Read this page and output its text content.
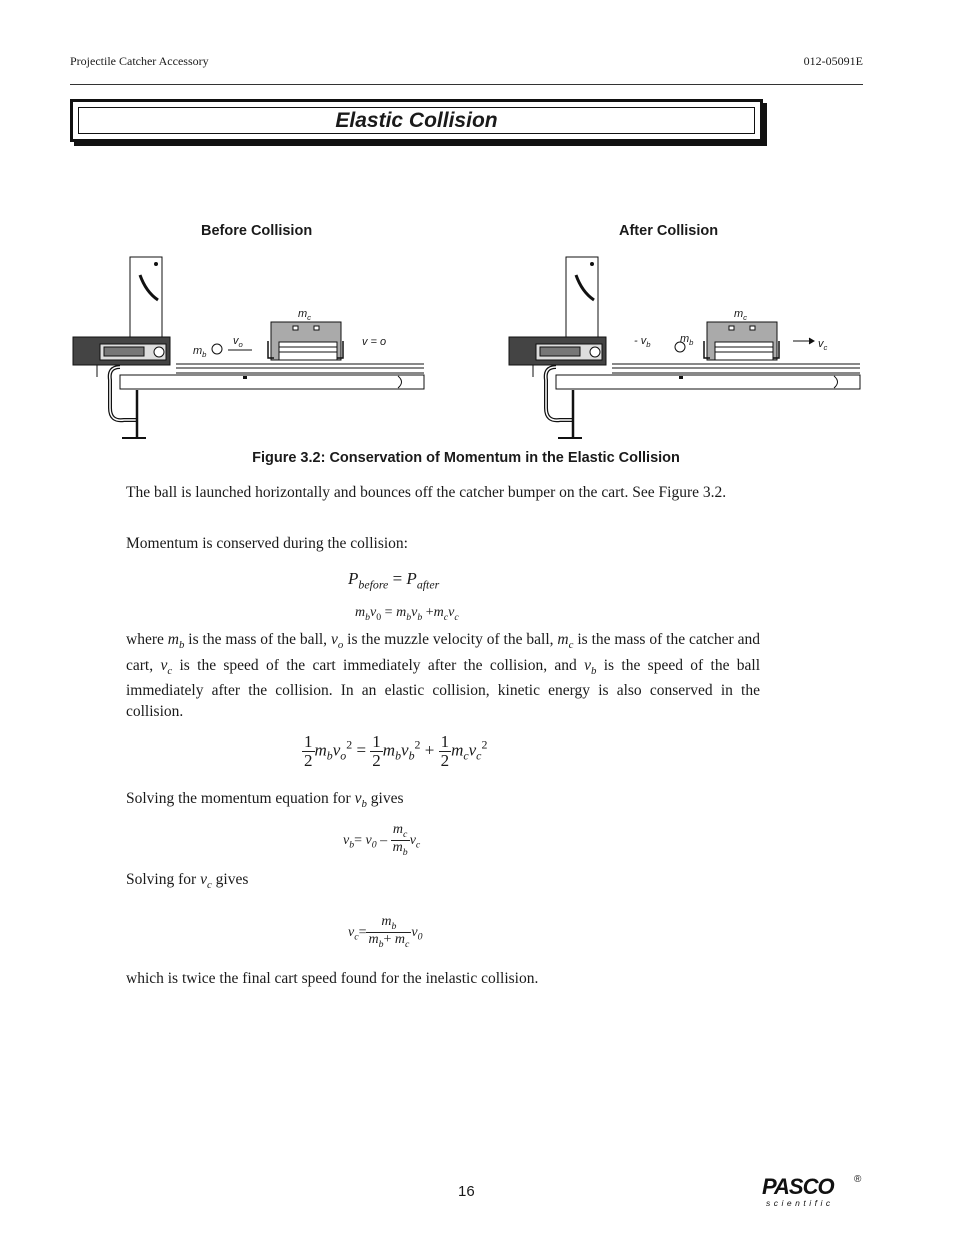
Projectile Catcher Accessory	012-05091E
Elastic Collision
Before Collision	After Collision
$m_c$
$m_b$
$v_o$	v = o
$m_c$
$m_b$
- $v_b$	$v_c$
Figure 3.2: Conservation of Momentum in the Elastic Collision
The ball is launched horizontally and bounces off the catcher bumper on the cart. See Figure 3.2.
Momentum is conserved during the collision:
$P_{before} = P_{after}$
$m_bv_0 = m_bv_b +m_cv_c$
where $m_b$ is the mass of the ball, $v_o$ is the muzzle velocity of the ball, $m_c$ is the mass of the catcher and cart, $v_c$ is the speed of the cart immediately after the collision, and $v_b$ is the speed of the ball immediately after the collision. In an elastic collision, kinetic energy is also conserved in the collision.
$\frac{1}{2} m_bv_o^2 = \frac{1}{2} m_bv_b^2 + \frac{1}{2} m_cv_c^2$
Solving the momentum equation for $v_b$ gives
$v_b= v_0 - \frac{m_c}{m_b} v_c$
Solving for $v_c$ gives
$v_c= \frac{m_b}{m_b+ m_c} v_0$
which is twice the final cart speed found for the inelastic collision.
16	PASCO
scientific
®
